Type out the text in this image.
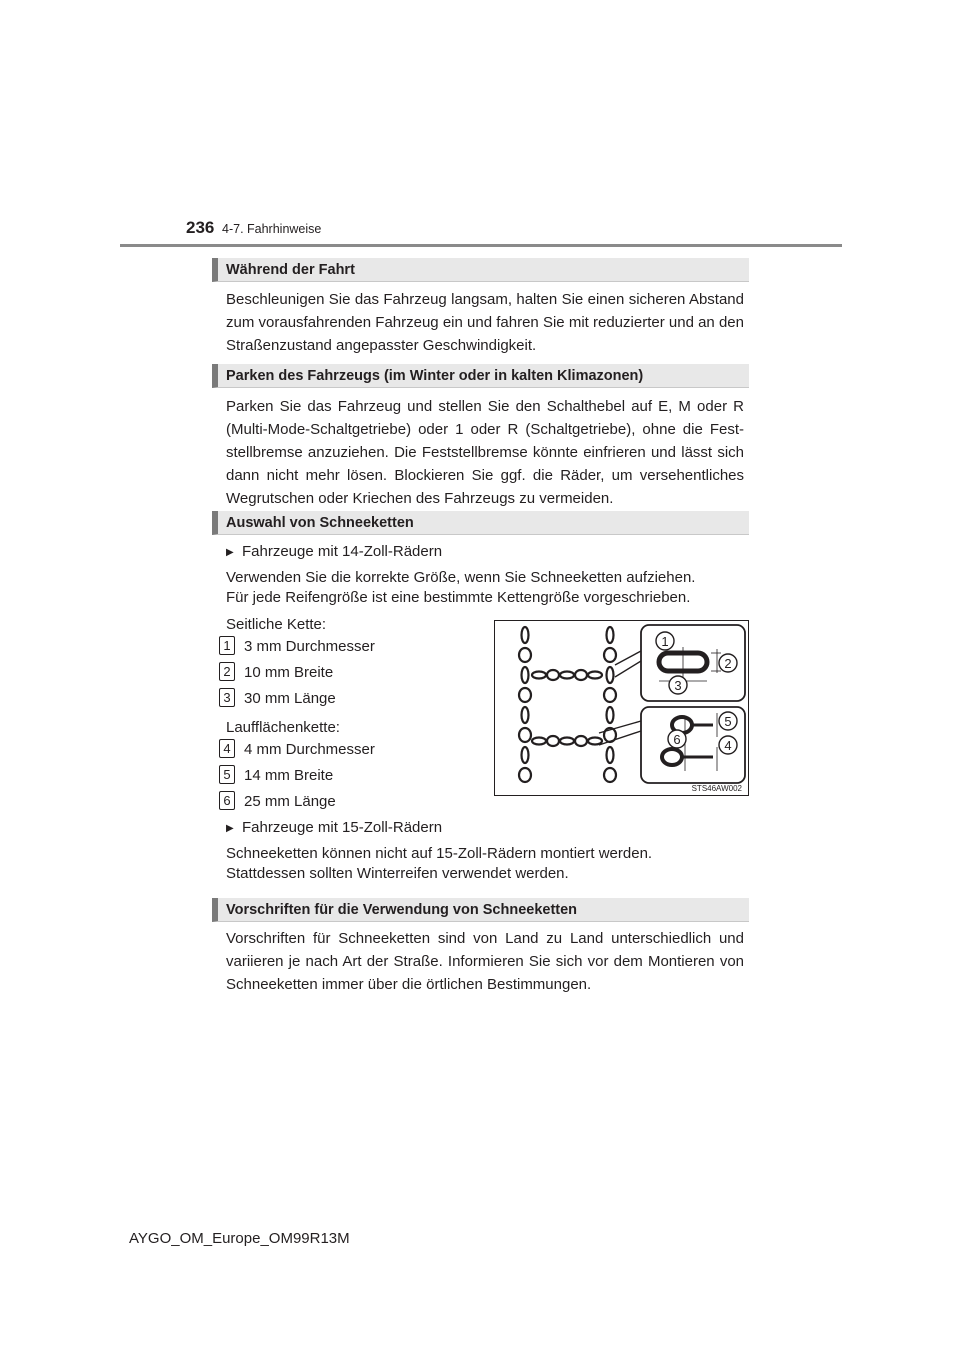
236 4-7. Fahrhinweise
Während der Fahrt
Beschleunigen Sie das Fahrzeug langsam, halten Sie einen sicheren Abstand zum vorausfahrenden Fahrzeug ein und fahren Sie mit reduzierter und an den Straßenzustand angepasster Geschwindigkeit.
Parken des Fahrzeugs (im Winter oder in kalten Klimazonen)
Parken Sie das Fahrzeug und stellen Sie den Schalthebel auf E, M oder R (Multi-Mode-Schaltgetriebe) oder 1 oder R (Schaltgetriebe), ohne die Fest-stellbremse anzuziehen. Die Feststellbremse könnte einfrieren und lässt sich dann nicht mehr lösen. Blockieren Sie ggf. die Räder, um versehentliches Wegrutschen oder Kriechen des Fahrzeugs zu vermeiden.
Auswahl von Schneeketten
▶ Fahrzeuge mit 14-Zoll-Rädern
Verwenden Sie die korrekte Größe, wenn Sie Schneeketten aufziehen.
Für jede Reifengröße ist eine bestimmte Kettengröße vorgeschrieben.
Seitliche Kette:
1 3 mm Durchmesser
2 10 mm Breite
3 30 mm Länge
Laufflächenkette:
4 4 mm Durchmesser
5 14 mm Breite
6 25 mm Länge
▶ Fahrzeuge mit 15-Zoll-Rädern
Schneeketten können nicht auf 15-Zoll-Rädern montiert werden.
Stattdessen sollten Winterreifen verwendet werden.
1
2
3
5
6	4
STS46AW002
Vorschriften für die Verwendung von Schneeketten
Vorschriften für Schneeketten sind von Land zu Land unterschiedlich und variieren je nach Art der Straße. Informieren Sie sich vor dem Montieren von Schneeketten immer über die örtlichen Bestimmungen.
AYGO_OM_Europe_OM99R13M
